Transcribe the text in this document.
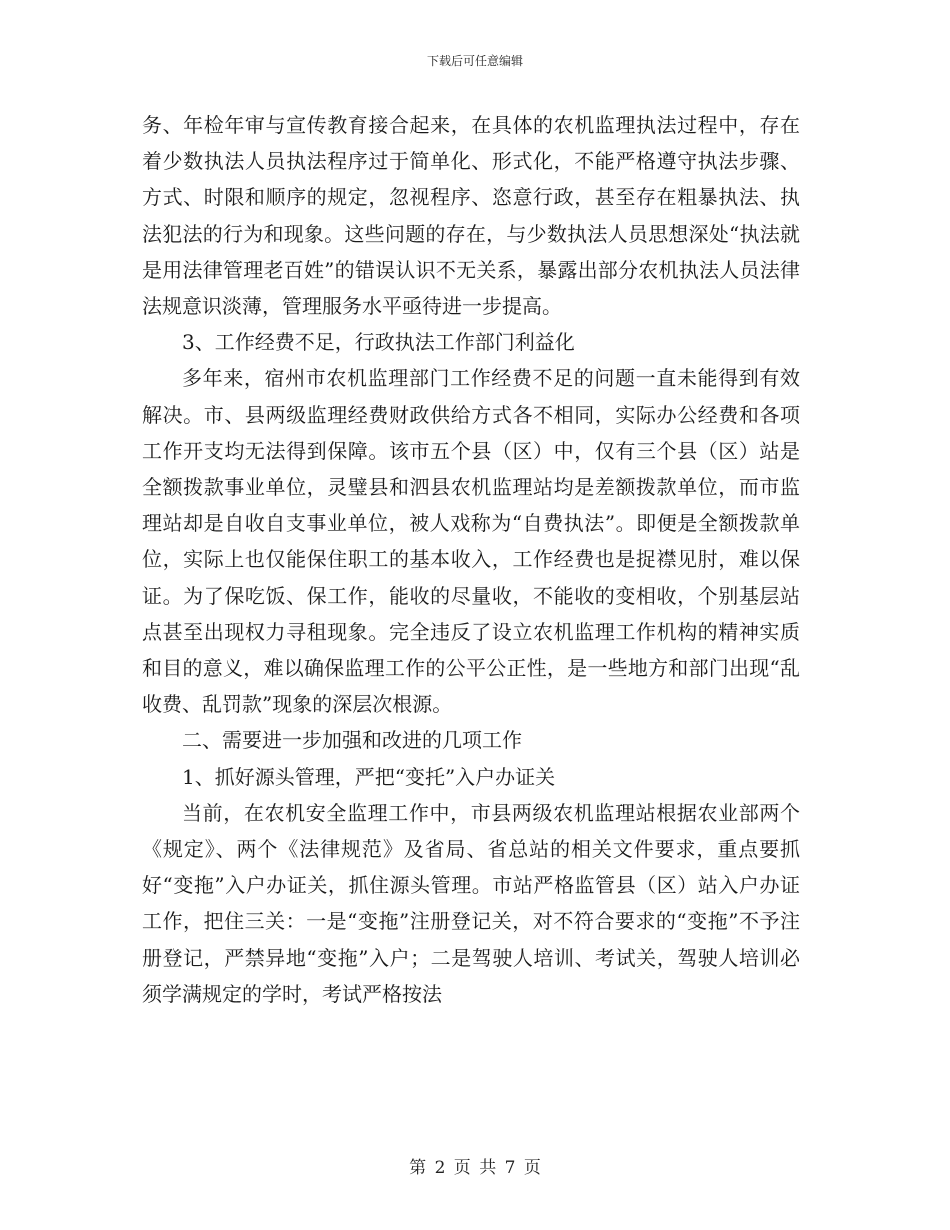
下载后可任意编辑

务、年检年审与宣传教育接合起来，在具体的农机监理执法过程中，存在着少数执法人员执法程序过于简单化、形式化，不能严格遵守执法步骤、方式、时限和顺序的规定，忽视程序、恣意行政，甚至存在粗暴执法、执法犯法的行为和现象。这些问题的存在，与少数执法人员思想深处“执法就是用法律管理老百姓”的错误认识不无关系，暴露出部分农机执法人员法律法规意识淡薄，管理服务水平亟待进一步提高。

3、工作经费不足，行政执法工作部门利益化

多年来，宿州市农机监理部门工作经费不足的问题一直未能得到有效解决。市、县两级监理经费财政供给方式各不相同，实际办公经费和各项工作开支均无法得到保障。该市五个县（区）中，仅有三个县（区）站是全额拨款事业单位，灵璧县和泗县农机监理站均是差额拨款单位，而市监理站却是自收自支事业单位，被人戏称为“自费执法”。即便是全额拨款单位，实际上也仅能保住职工的基本收入，工作经费也是捉襟见肘，难以保证。为了保吃饭、保工作，能收的尽量收，不能收的变相收，个别基层站点甚至出现权力寻租现象。完全违反了设立农机监理工作机构的精神实质和目的意义，难以确保监理工作的公平公正性，是一些地方和部门出现“乱收费、乱罚款”现象的深层次根源。

二、需要进一步加强和改进的几项工作

1、抓好源头管理，严把“变托”入户办证关

当前，在农机安全监理工作中，市县两级农机监理站根据农业部两个《规定》、两个《法律规范》及省局、省总站的相关文件要求，重点要抓好“变拖”入户办证关，抓住源头管理。市站严格监管县（区）站入户办证工作，把住三关：一是“变拖”注册登记关，对不符合要求的“变拖”不予注册登记，严禁异地“变拖”入户；二是驾驶人培训、考试关，驾驶人培训必须学满规定的学时，考试严格按法

第 2 页 共 7 页
